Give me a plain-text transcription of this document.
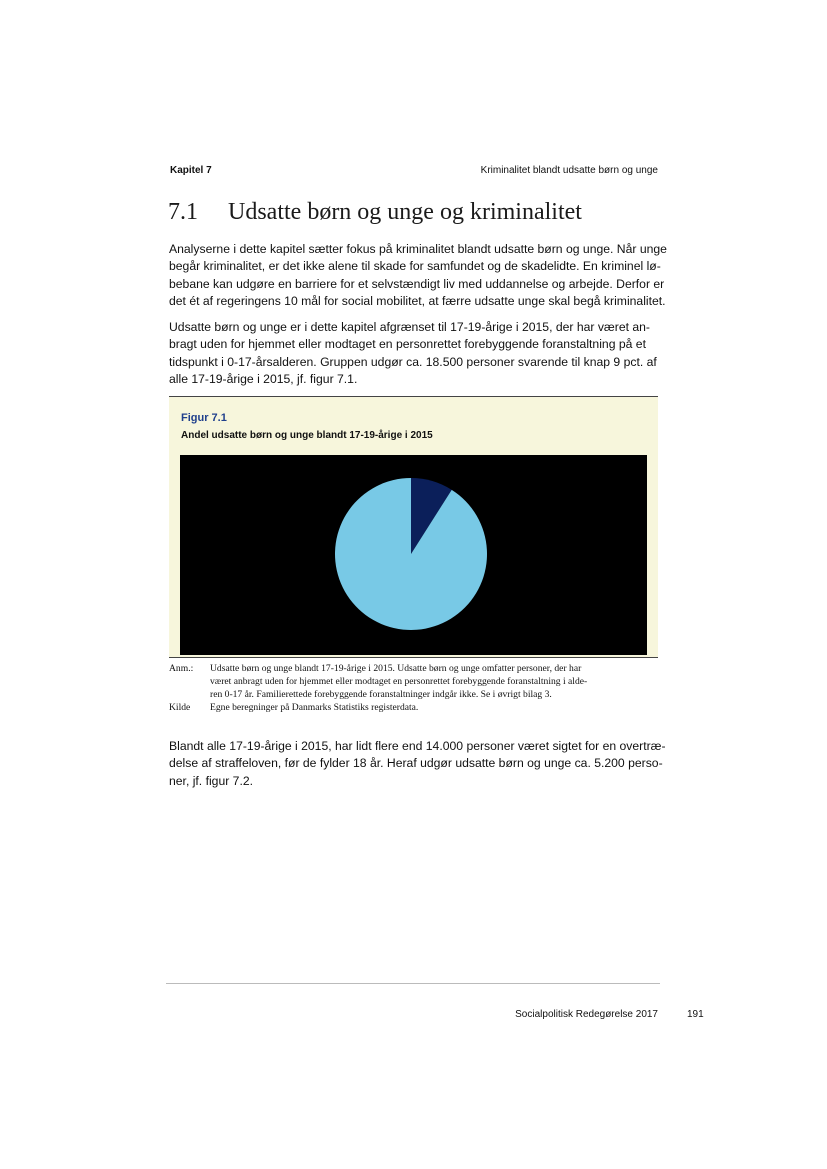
Kapitel 7	Kriminalitet blandt udsatte børn og unge
7.1 Udsatte børn og unge og kriminalitet

Analyserne i dette kapitel sætter fokus på kriminalitet blandt udsatte børn og unge. Når unge
begår kriminalitet, er det ikke alene til skade for samfundet og de skadelidte. En kriminel lø-
bebane kan udgøre en barriere for et selvstændigt liv med uddannelse og arbejde. Derfor er
det ét af regeringens 10 mål for social mobilitet, at færre udsatte unge skal begå kriminalitet.

Udsatte børn og unge er i dette kapitel afgrænset til 17-19-årige i 2015, der har været an-
bragt uden for hjemmet eller modtaget en personrettet forebyggende foranstaltning på et
tidspunkt i 0-17-årsalderen. Gruppen udgør ca. 18.500 personer svarende til knap 9 pct. af
alle 17-19-årige i 2015, jf. figur 7.1.

Figur 7.1
Andel udsatte børn og unge blandt 17-19-årige i 2015
Anm.:	Udsatte børn og unge blandt 17-19-årige i 2015. Udsatte børn og unge omfatter personer, der har
været anbragt uden for hjemmet eller modtaget en personrettet forebyggende foranstaltning i alde-
ren 0-17 år. Familierettede forebyggende foranstaltninger indgår ikke. Se i øvrigt bilag 3.
Kilde	Egne beregninger på Danmarks Statistiks registerdata.

Blandt alle 17-19-årige i 2015, har lidt flere end 14.000 personer været sigtet for en overtræ-
delse af straffeloven, før de fylder 18 år. Heraf udgør udsatte børn og unge ca. 5.200 perso-
ner, jf. figur 7.2.

Socialpolitisk Redegørelse 2017	191
